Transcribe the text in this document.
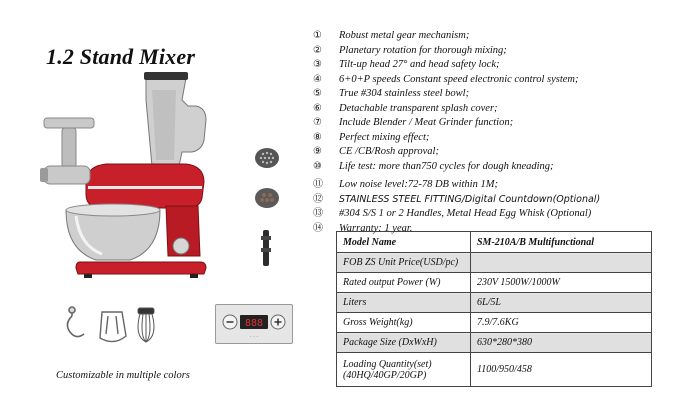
1.2 Stand Mixer
888
· · ·
Customizable in multiple colors
①	Robust metal gear mechanism;
②	Planetary rotation for thorough mixing;
③	Tilt-up head 27° and head safety lock;
④	6+0+P speeds Constant speed electronic control system;
⑤	True #304 stainless steel bowl;
⑥	Detachable transparent splash cover;
⑦	Include Blender / Meat Grinder function;
⑧	Perfect mixing effect;
⑨	CE /CB/Rosh approval;
⑩	Life test: more than750 cycles for dough kneading;
⑪	Low noise level:72-78 DB within 1M;
⑫	STAINLESS STEEL FITTING/Digital Countdown(Optional)
⑬	#304 S/S 1 or 2 Handles, Metal Head Egg Whisk (Optional)
⑭	Warranty: 1 year.
Model Name	SM-210A/B Multifunctional
FOB ZS Unit Price(USD/pc)	
Rated output Power (W)	230V 1500W/1000W
Liters	6L/5L
Gross Weight(kg)	7.9/7.6KG
Package Size (DxWxH)	630*280*380
Loading Quantity(set) (40HQ/40GP/20GP)	1100/950/458
